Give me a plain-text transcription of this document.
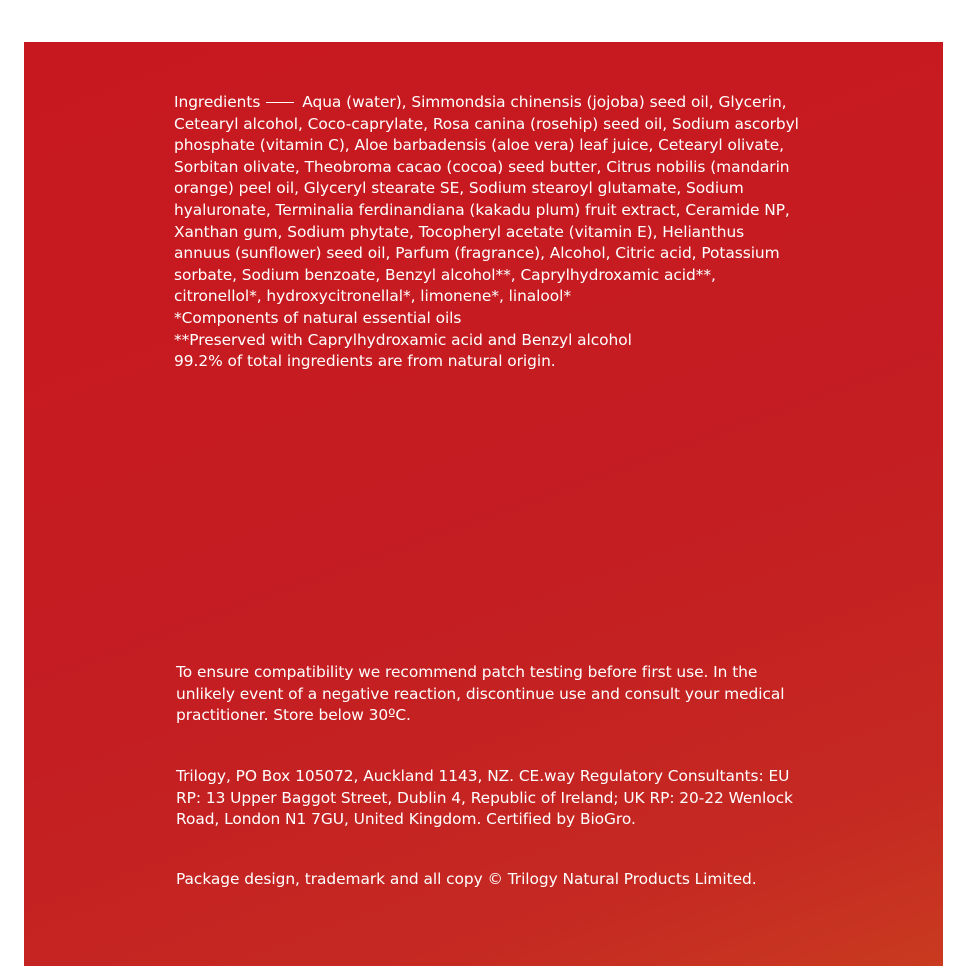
Ingredients	Aqua (water), Simmondsia chinensis (jojoba) seed oil, Glycerin,
Cetearyl alcohol, Coco-caprylate, Rosa canina (rosehip) seed oil, Sodium ascorbyl
phosphate (vitamin C), Aloe barbadensis (aloe vera) leaf juice, Cetearyl olivate,
Sorbitan olivate, Theobroma cacao (cocoa) seed butter, Citrus nobilis (mandarin
orange) peel oil, Glyceryl stearate SE, Sodium stearoyl glutamate, Sodium
hyaluronate, Terminalia ferdinandiana (kakadu plum) fruit extract, Ceramide NP,
Xanthan gum, Sodium phytate, Tocopheryl acetate (vitamin E), Helianthus
annuus (sunflower) seed oil, Parfum (fragrance), Alcohol, Citric acid, Potassium
sorbate, Sodium benzoate, Benzyl alcohol**, Caprylhydroxamic acid**,
citronellol*, hydroxycitronellal*, limonene*, linalool*
*Components of natural essential oils
**Preserved with Caprylhydroxamic acid and Benzyl alcohol
99.2% of total ingredients are from natural origin.
To ensure compatibility we recommend patch testing before first use. In the
unlikely event of a negative reaction, discontinue use and consult your medical
practitioner. Store below 30ºC.
Trilogy, PO Box 105072, Auckland 1143, NZ. CE.way Regulatory Consultants: EU
RP: 13 Upper Baggot Street, Dublin 4, Republic of Ireland; UK RP: 20-22 Wenlock
Road, London N1 7GU, United Kingdom. Certified by BioGro.
Package design, trademark and all copy © Trilogy Natural Products Limited.
